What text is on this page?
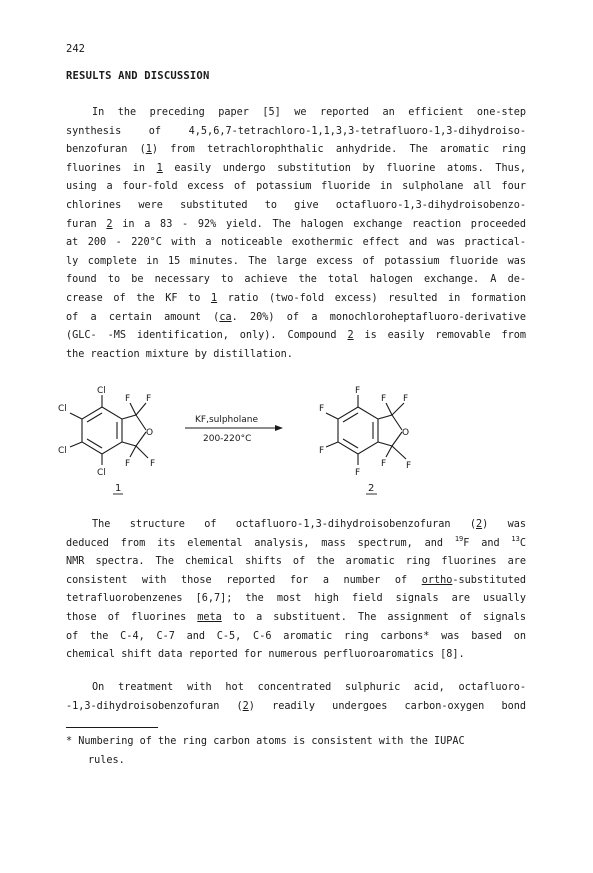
242
RESULTS AND DISCUSSION
In the preceding paper [5] we reported an efficient one-step
synthesis of 4,5,6,7-tetrachloro-1,1,3,3-tetrafluoro-1,3-dihydroiso-
benzofuran (1) from tetrachlorophthalic anhydride. The aromatic ring
fluorines in 1 easily undergo substitution by fluorine atoms. Thus,
using a four-fold excess of potassium fluoride in sulpholane all four
chlorines were substituted to give octafluoro-1,3-dihydroisobenzo-
furan 2 in a 83 - 92% yield. The halogen exchange reaction proceeded
at 200 - 220°C with a noticeable exothermic effect and was practical-
ly complete in 15 minutes. The large excess of potassium fluoride was
found to be necessary to achieve the total halogen exchange. A de-
crease of the KF to 1 ratio (two-fold excess) resulted in formation
of a certain amount (ca. 20%) of a monochloroheptafluoro-derivative
(GLC- -MS identification, only). Compound 2 is easily removable from
the reaction mixture by distillation.
Cl
Cl
Cl
Cl
F F
F F
O
KF,sulpholane
200-220°C
F
F
F
F
F F
F F
O
1	2
The structure of octafluoro-1,3-dihydroisobenzofuran (2) was
deduced from its elemental analysis, mass spectrum, and $^{19}$F and $^{13}$C
NMR spectra. The chemical shifts of the aromatic ring fluorines are
consistent with those reported for a number of ortho-substituted
tetrafluorobenzenes [6,7]; the most high field signals are usually
those of fluorines meta to a substituent. The assignment of signals
of the C-4, C-7 and C-5, C-6 aromatic ring carbons* was based on
chemical shift data reported for numerous perfluoroaromatics [8].
On treatment with hot concentrated sulphuric acid, octafluoro-
-1,3-dihydroisobenzofuran (2) readily undergoes carbon-oxygen bond
* Numbering of the ring carbon atoms is consistent with the IUPAC
rules.
